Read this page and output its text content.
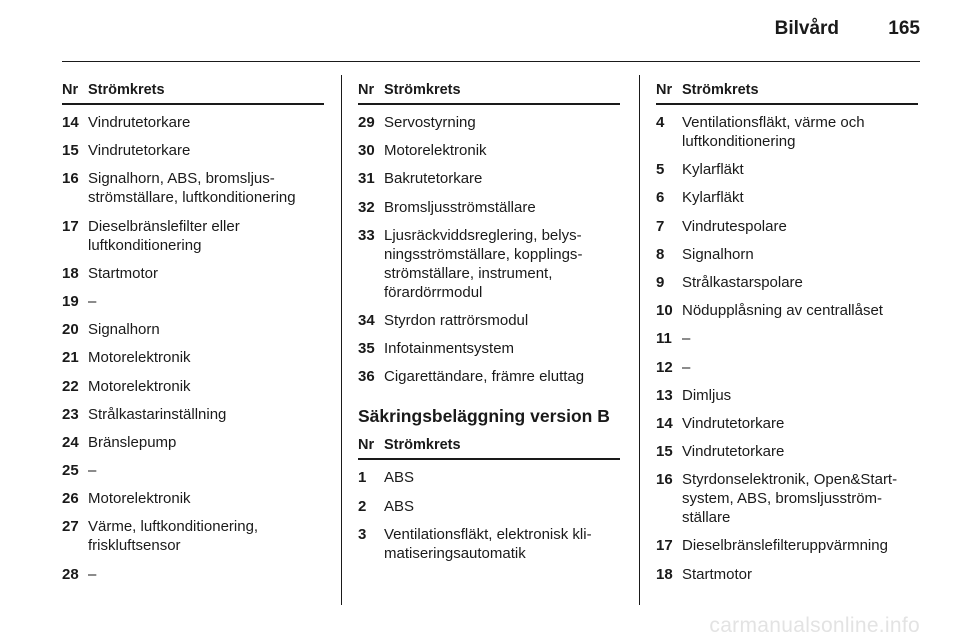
Bilvård	165
Nr Strömkrets
14 Vindrutetorkare
15 Vindrutetorkare
16 Signalhorn, ABS, bromsljusströmställare, luftkonditionering
17 Dieselbränslefilter eller luftkonditionering
18 Startmotor
19 –
20 Signalhorn
21 Motorelektronik
22 Motorelektronik
23 Strålkastarinställning
24 Bränslepump
25 –
26 Motorelektronik
27 Värme, luftkonditionering, friskluftsensor
28 –
Nr Strömkrets
29 Servostyrning
30 Motorelektronik
31 Bakrutetorkare
32 Bromsljusströmställare
33 Ljusräckviddsreglering, belysningsströmställare, kopplingsströmställare, instrument, förardörrmodul
34 Styrdon rattrörsmodul
35 Infotainmentsystem
36 Cigarettändare, främre eluttag
Säkringsbeläggning version B
Nr Strömkrets
1	ABS
2	ABS
3	Ventilationsfläkt, elektronisk klimatiseringsautomatik
Nr Strömkrets
4	Ventilationsfläkt, värme och luftkonditionering
5	Kylarfläkt
6	Kylarfläkt
7	Vindrutespolare
8	Signalhorn
9	Strålkastarspolare
10 Nödupplåsning av centrallåset
11 –
12 –
13 Dimljus
14 Vindrutetorkare
15 Vindrutetorkare
16 Styrdonselektronik, Open&Start-system, ABS, bromsljusströmställare
17 Dieselbränslefilteruppvärmning
18 Startmotor
carmanualsonline.info
